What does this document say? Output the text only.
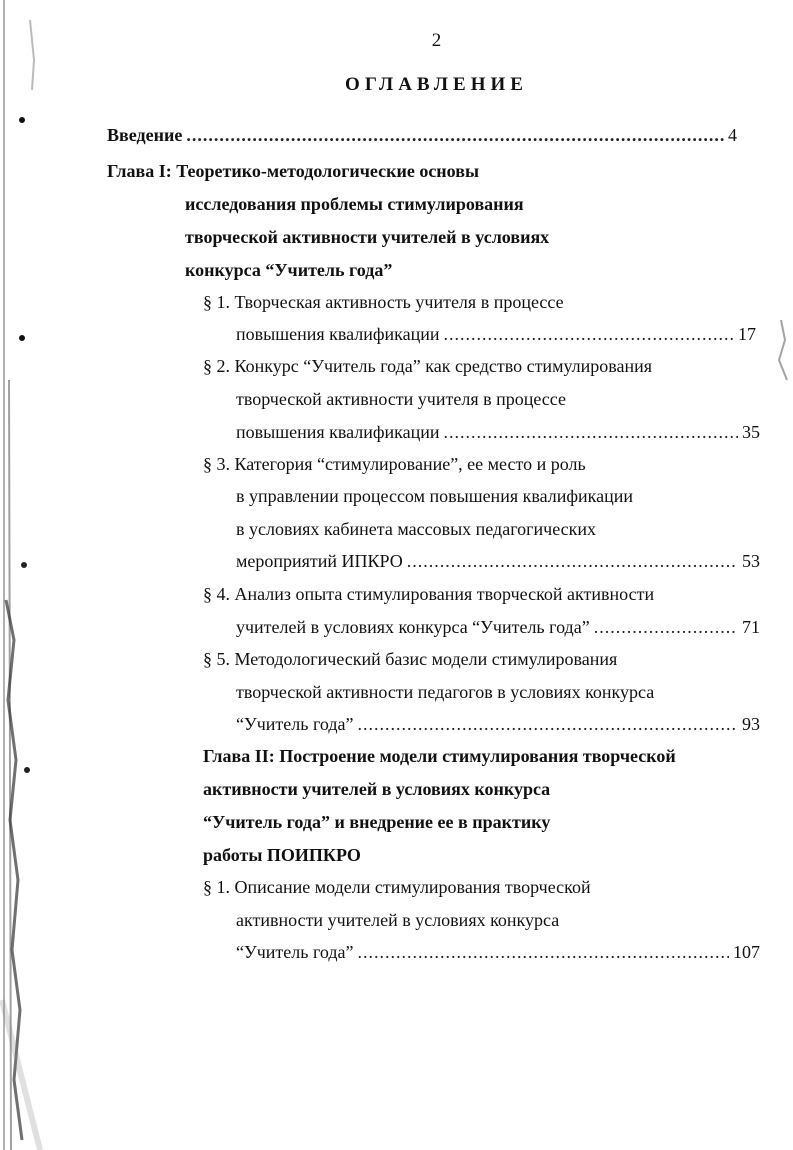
2
ОГЛАВЛЕНИЕ
Введение .....	4
Глава I: Теоретико-методологические основы
исследования проблемы стимулирования
творческой активности учителей в условиях
конкурса “Учитель года”
§ 1. Творческая активность учителя в процессе
повышения квалификации .....	17
§ 2. Конкурс “Учитель года” как средство стимулирования
творческой активности учителя в процессе
повышения квалификации .....	35
§ 3. Категория “стимулирование”, ее место и роль
в управлении процессом повышения квалификации
в условиях кабинета массовых педагогических
мероприятий ИПКРО .....	53
§ 4. Анализ опыта стимулирования творческой активности
учителей в условиях конкурса “Учитель года” .....	71
§ 5. Методологический базис модели стимулирования
творческой активности педагогов в условиях конкурса
“Учитель года” .....	93
Глава II: Построение модели стимулирования творческой
активности учителей в условиях конкурса
“Учитель года” и внедрение ее в практику
работы ПОИПКРО
§ 1. Описание модели стимулирования творческой
активности учителей в условиях конкурса
“Учитель года” .....	107
